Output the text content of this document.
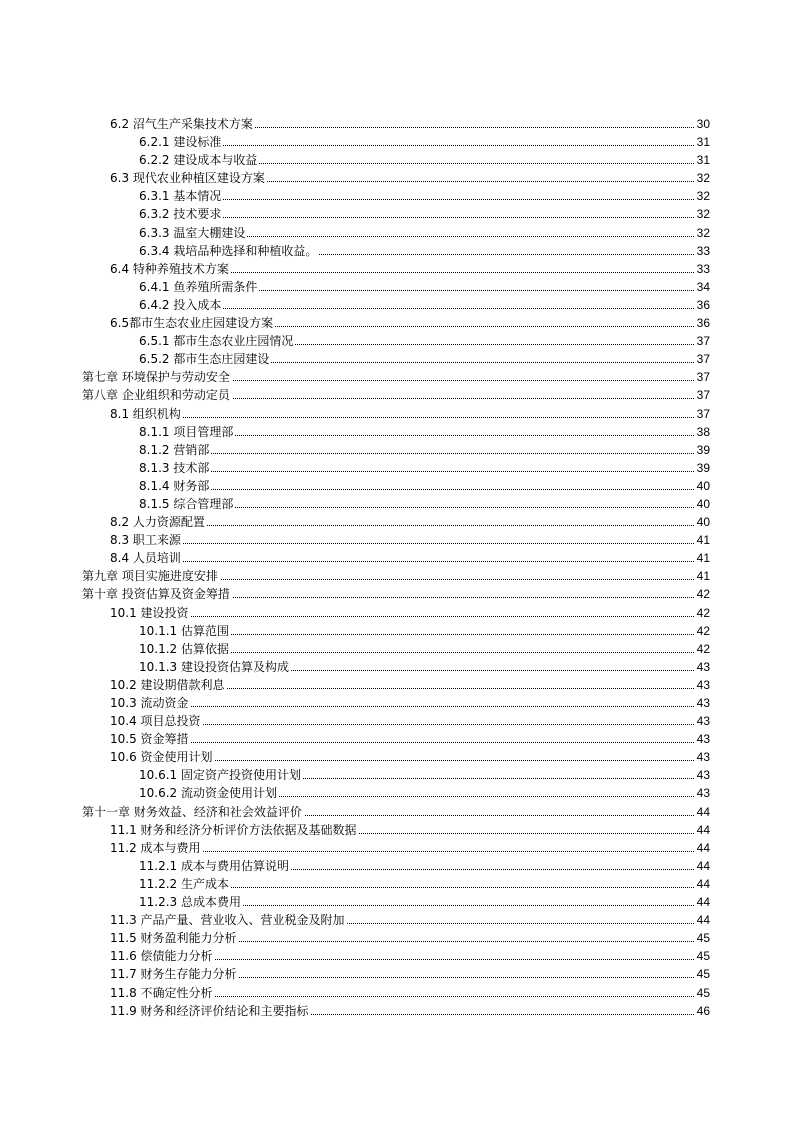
6.2 沼气生产采集技术方案	30
6.2.1 建设标准	31
6.2.2 建设成本与收益	31
6.3 现代农业种植区建设方案	32
6.3.1 基本情况	32
6.3.2 技术要求	32
6.3.3 温室大棚建设	32
6.3.4 栽培品种选择和种植收益。	33
6.4 特种养殖技术方案	33
6.4.1 鱼养殖所需条件	34
6.4.2 投入成本	36
6.5都市生态农业庄园建设方案	36
6.5.1 都市生态农业庄园情况	37
6.5.2 都市生态庄园建设	37
第七章 环境保护与劳动安全	37
第八章 企业组织和劳动定员	37
8.1 组织机构	37
8.1.1 项目管理部	38
8.1.2 营销部	39
8.1.3 技术部	39
8.1.4 财务部	40
8.1.5 综合管理部	40
8.2 人力资源配置	40
8.3 职工来源	41
8.4 人员培训	41
第九章 项目实施进度安排	41
第十章 投资估算及资金筹措	42
10.1 建设投资	42
10.1.1 估算范围	42
10.1.2 估算依据	42
10.1.3 建设投资估算及构成	43
10.2 建设期借款利息	43
10.3 流动资金	43
10.4 项目总投资	43
10.5 资金筹措	43
10.6 资金使用计划	43
10.6.1 固定资产投资使用计划	43
10.6.2 流动资金使用计划	43
第十一章 财务效益、经济和社会效益评价	44
11.1 财务和经济分析评价方法依据及基础数据	44
11.2 成本与费用	44
11.2.1 成本与费用估算说明	44
11.2.2 生产成本	44
11.2.3 总成本费用	44
11.3 产品产量、营业收入、营业税金及附加	44
11.5 财务盈利能力分析	45
11.6 偿债能力分析	45
11.7 财务生存能力分析	45
11.8 不确定性分析	45
11.9 财务和经济评价结论和主要指标	46
